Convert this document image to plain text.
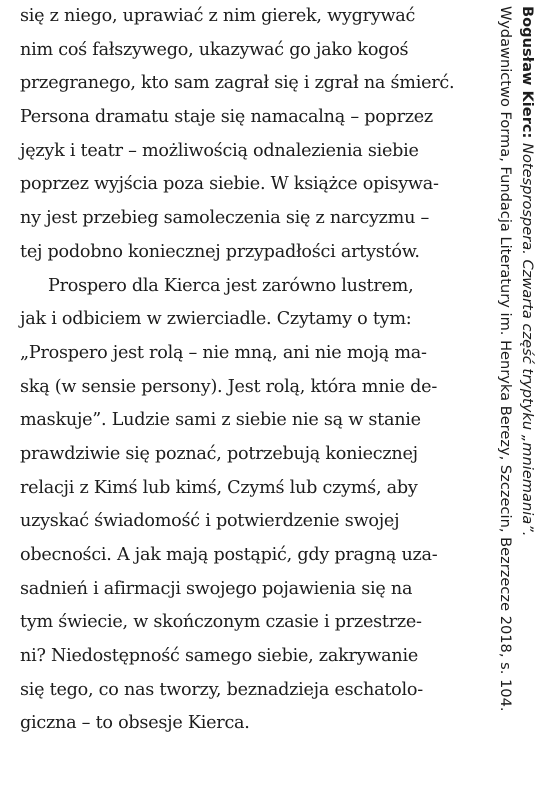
się z niego, uprawiać z nim gierek, wygrywać
nim coś fałszywego, ukazywać go jako kogoś
przegranego, kto sam zagrał się i zgrał na śmierć.
Persona dramatu staje się namacalną – poprzez
język i teatr – możliwością odnalezienia siebie
poprzez wyjścia poza siebie. W książce opisywa-
ny jest przebieg samoleczenia się z narcyzmu –
tej podobno koniecznej przypadłości artystów.
Prospero dla Kierca jest zarówno lustrem,
jak i odbiciem w zwierciadle. Czytamy o tym:
„Prospero jest rolą – nie mną, ani nie moją ma-
ską (w sensie persony). Jest rolą, która mnie de-
maskuje”. Ludzie sami z siebie nie są w stanie
prawdziwie się poznać, potrzebują koniecznej
relacji z Kimś lub kimś, Czymś lub czymś, aby
uzyskać świadomość i potwierdzenie swojej
obecności. A jak mają postąpić, gdy pragną uza-
sadnień i afirmacji swojego pojawienia się na
tym świecie, w skończonym czasie i przestrze-
ni? Niedostępność samego siebie, zakrywanie
się tego, co nas tworzy, beznadzieja eschatolo-
giczna – to obsesje Kierca.
Bogusław Kierc: Notesprospera. Czwarta część tryptyku „mniemania”.
Wydawnictwo Forma, Fundacja Literatury im. Henryka Berezy, Szczecin, Bezrzecze 2018, s. 104.
